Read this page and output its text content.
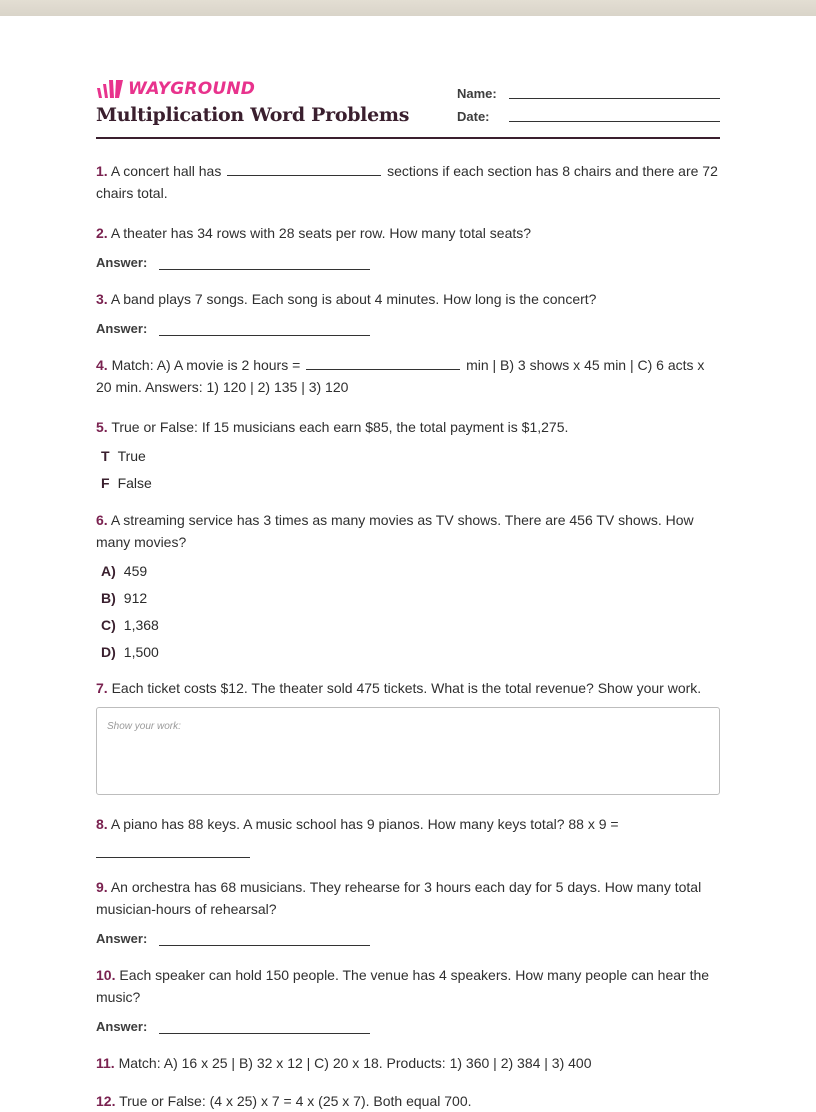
WAYGROUND
Multiplication Word Problems
Name:
Date:
1. A concert hall has	sections if each section has 8 chairs and there are 72 chairs total.
2. A theater has 34 rows with 28 seats per row. How many total seats?
Answer:
3. A band plays 7 songs. Each song is about 4 minutes. How long is the concert?
Answer:
4. Match: A) A movie is 2 hours =	min | B) 3 shows x 45 min | C) 6 acts x 20 min. Answers: 1) 120 | 2) 135 | 3) 120
5. True or False: If 15 musicians each earn $85, the total payment is $1,275.
T True
F False
6. A streaming service has 3 times as many movies as TV shows. There are 456 TV shows. How many movies?
A) 459
B) 912
C) 1,368
D) 1,500
7. Each ticket costs $12. The theater sold 475 tickets. What is the total revenue? Show your work.
Show your work:
8. A piano has 88 keys. A music school has 9 pianos. How many keys total? 88 x 9 =
9. An orchestra has 68 musicians. They rehearse for 3 hours each day for 5 days. How many total musician-hours of rehearsal?
Answer:
10. Each speaker can hold 150 people. The venue has 4 speakers. How many people can hear the music?
Answer:
11. Match: A) 16 x 25 | B) 32 x 12 | C) 20 x 18. Products: 1) 360 | 2) 384 | 3) 400
12. True or False: (4 x 25) x 7 = 4 x (25 x 7). Both equal 700.
